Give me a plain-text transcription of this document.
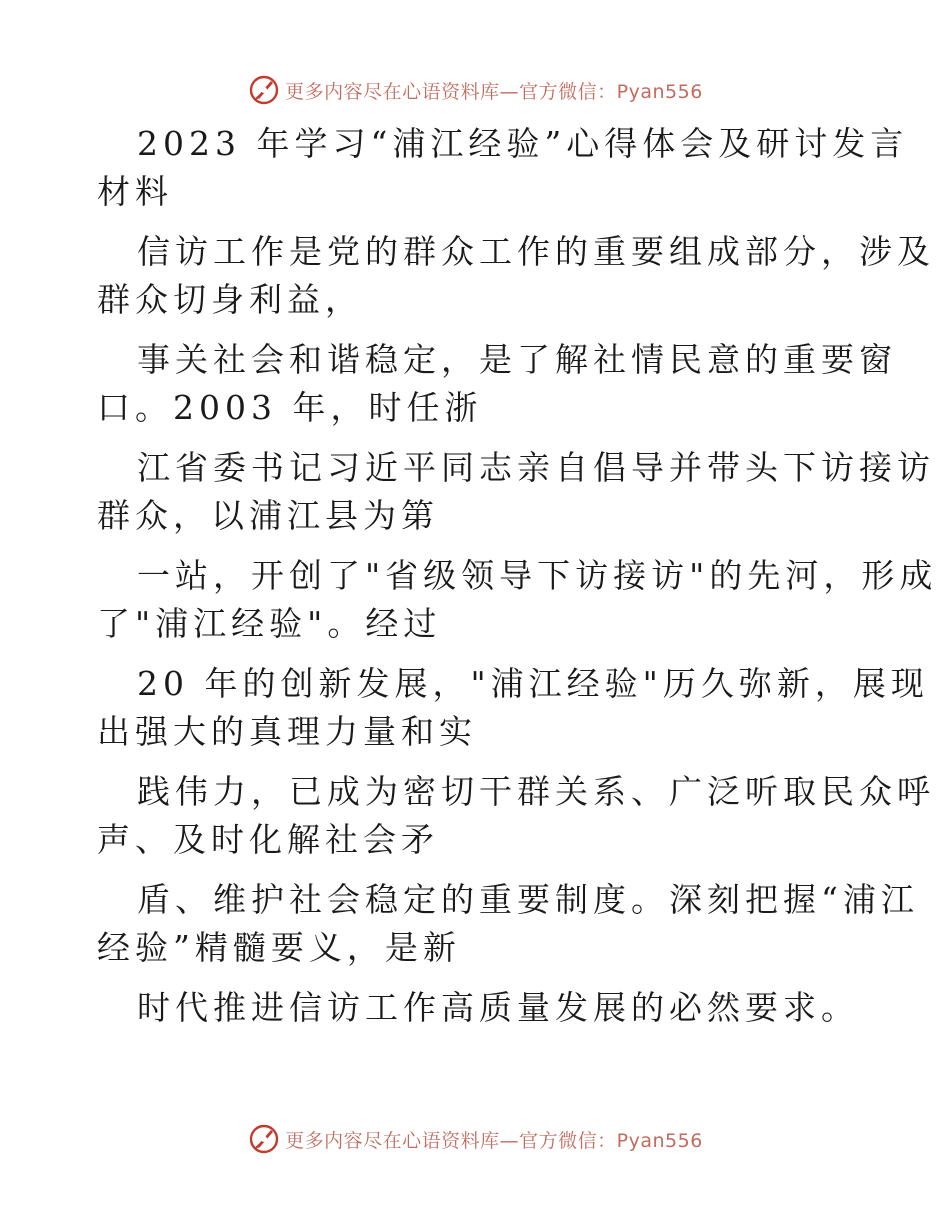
更多内容尽在心语资料库—官方微信：Pyan556
2023 年学习“浦江经验”心得体会及研讨发言
材料
信访工作是党的群众工作的重要组成部分，涉及
群众切身利益，
事关社会和谐稳定，是了解社情民意的重要窗
口。2003 年，时任浙
江省委书记习近平同志亲自倡导并带头下访接访
群众，以浦江县为第
一站，开创了"省级领导下访接访"的先河，形成
了"浦江经验"。经过
20 年的创新发展，"浦江经验"历久弥新，展现
出强大的真理力量和实
践伟力，已成为密切干群关系、广泛听取民众呼
声、及时化解社会矛
盾、维护社会稳定的重要制度。深刻把握“浦江
经验”精髓要义，是新
时代推进信访工作高质量发展的必然要求。
更多内容尽在心语资料库—官方微信：Pyan556
